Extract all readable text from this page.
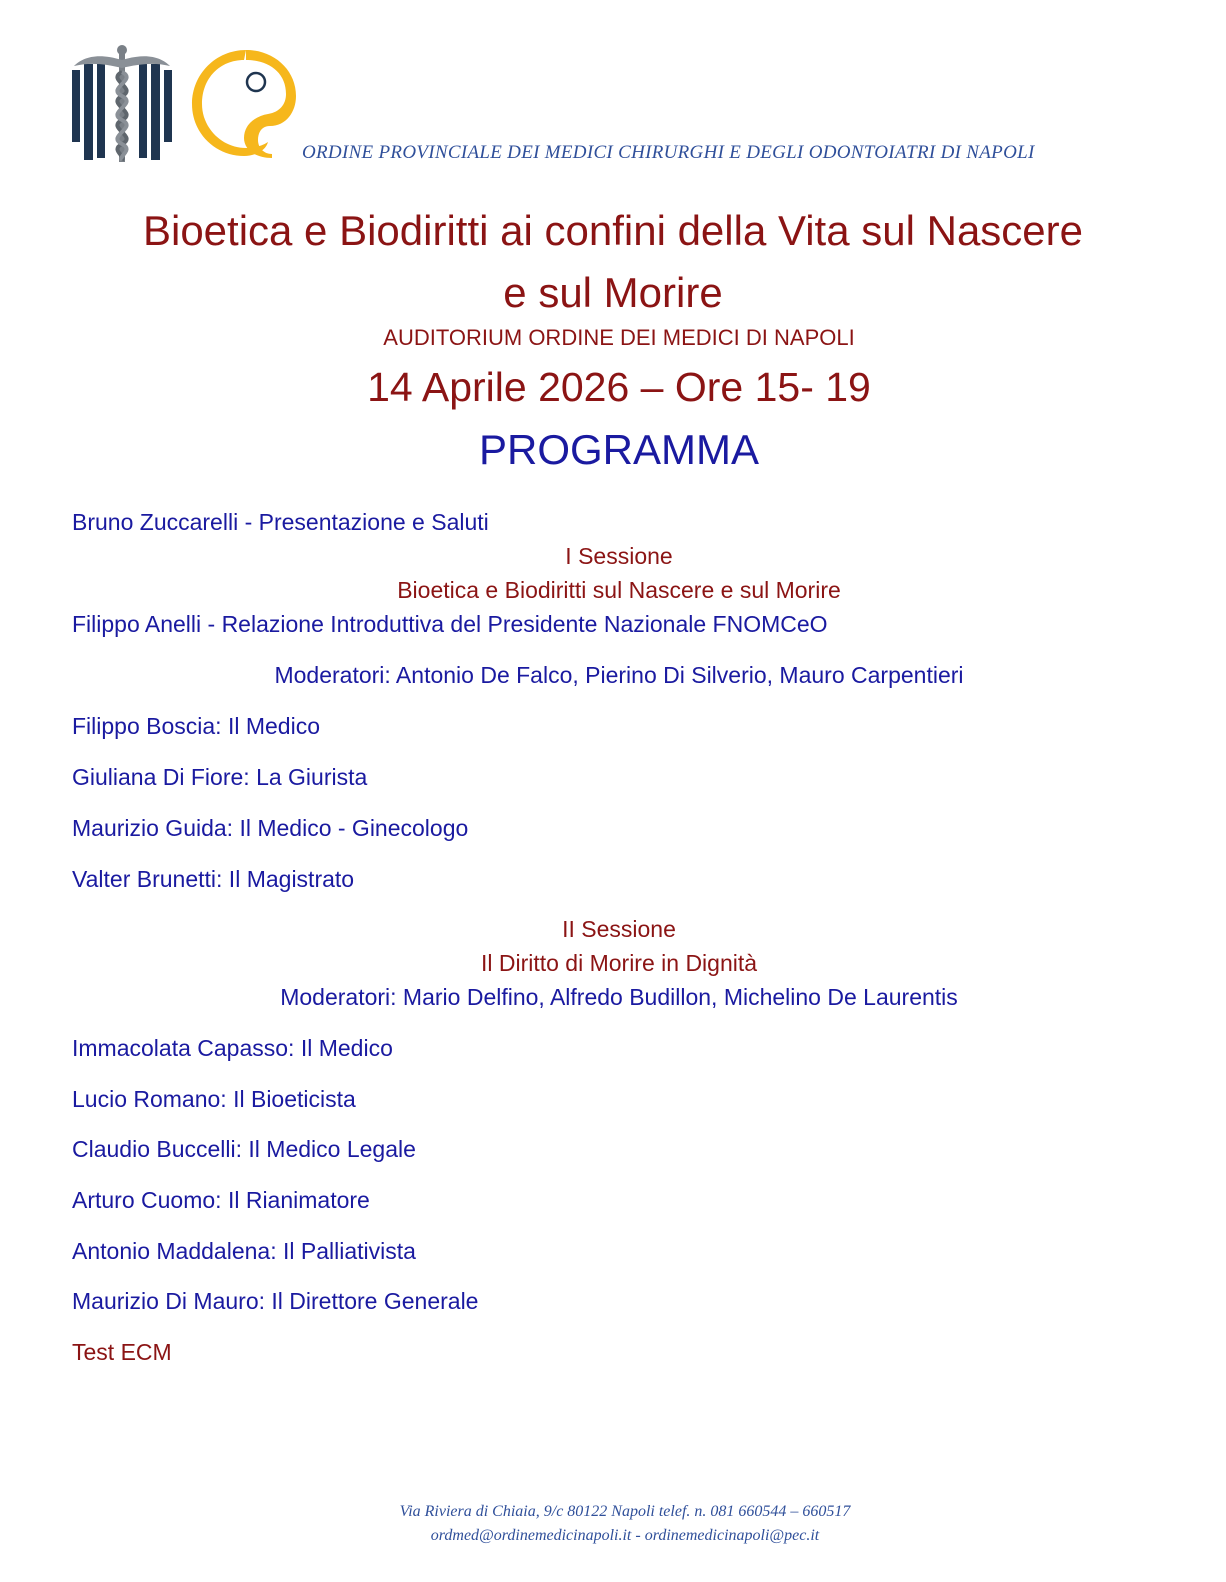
ORDINE PROVINCIALE DEI MEDICI CHIRURGHI E DEGLI ODONTOIATRI DI NAPOLI
Bioetica e Biodiritti ai confini della Vita sul Nascere
e sul Morire
AUDITORIUM ORDINE DEI MEDICI DI NAPOLI
14 Aprile 2026 – Ore 15- 19
PROGRAMMA
Bruno Zuccarelli - Presentazione e Saluti
I Sessione
Bioetica e Biodiritti sul Nascere e sul Morire
Filippo Anelli - Relazione Introduttiva del Presidente Nazionale FNOMCeO
Moderatori: Antonio De Falco, Pierino Di Silverio, Mauro Carpentieri
Filippo Boscia: Il Medico
Giuliana Di Fiore: La Giurista
Maurizio Guida: Il Medico - Ginecologo
Valter Brunetti: Il Magistrato
II Sessione
Il Diritto di Morire in Dignità
Moderatori: Mario Delfino, Alfredo Budillon, Michelino De Laurentis
Immacolata Capasso: Il Medico
Lucio Romano: Il Bioeticista
Claudio Buccelli: Il Medico Legale
Arturo Cuomo: Il Rianimatore
Antonio Maddalena: Il Palliativista
Maurizio Di Mauro: Il Direttore Generale
Test ECM
Via Riviera di Chiaia, 9/c 80122 Napoli telef. n. 081 660544 – 660517
ordmed@ordinemedicinapoli.it - ordinemedicinapoli@pec.it
